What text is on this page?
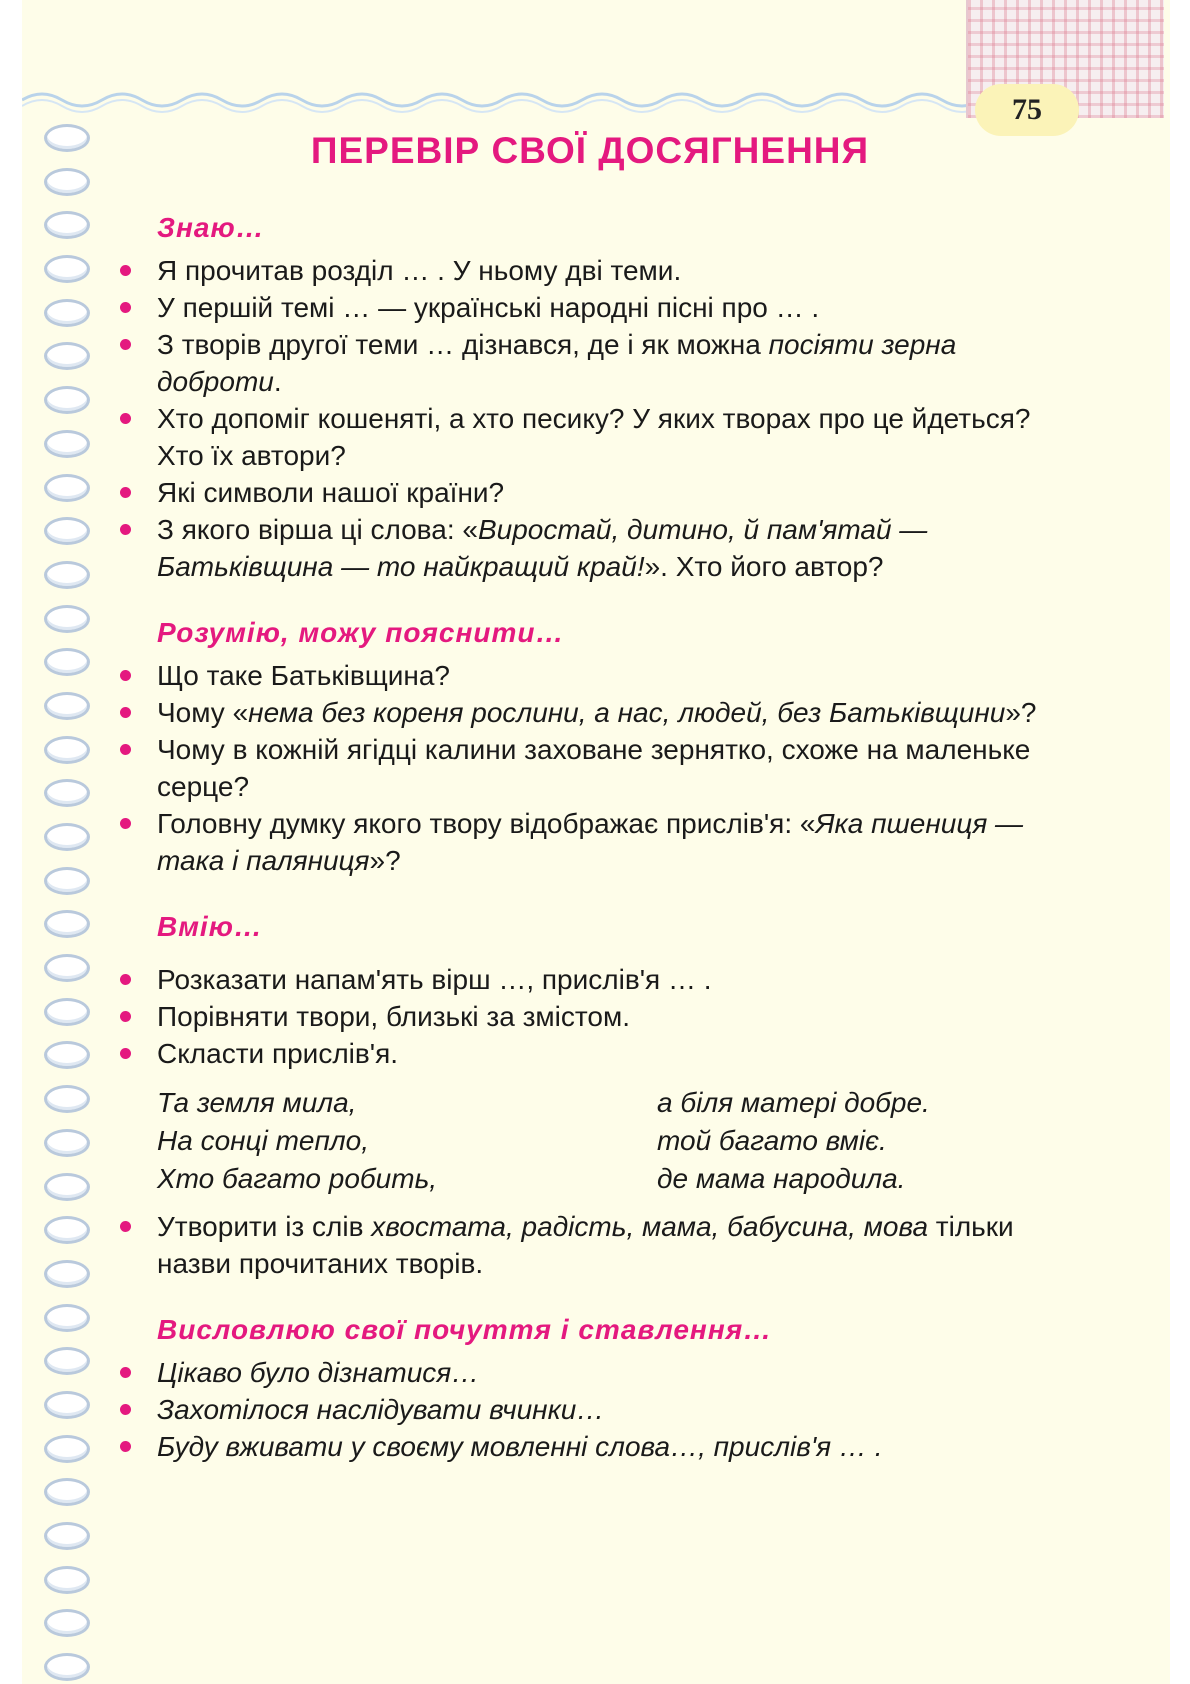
75
ПЕРЕВІР СВОЇ ДОСЯГНЕННЯ
Знаю…
Я прочитав розділ … . У ньому дві теми.
У першій темі … — українські народні пісні про … .
З творів другої теми … дізнався, де і як можна посіяти зерна доброти.
Хто допоміг кошеняті, а хто песику? У яких творах про це йдеться? Хто їх автори?
Які символи нашої країни?
З якого вірша ці слова: «Виростай, дитино, й пам'ятай — Батьківщина — то найкращий край!». Хто його автор?
Розумію, можу пояснити…
Що таке Батьківщина?
Чому «нема без кореня рослини, а нас, людей, без Батьківщини»?
Чому в кожній ягідці калини заховане зернятко, схоже на маленьке серце?
Головну думку якого твору відображає прислів'я: «Яка пшениця — така і паляниця»?
Вмію…
Розказати напам'ять вірш …, прислів'я … .
Порівняти твори, близькі за змістом.
Скласти прислів'я.
Та земля мила,	а біля матері добре.
На сонці тепло,	той багато вміє.
Хто багато робить,	де мама народила.
Утворити із слів хвостата, радість, мама, бабусина, мова тільки назви прочитаних творів.
Висловлюю свої почуття і ставлення…
Цікаво було дізнатися…
Захотілося наслідувати вчинки…
Буду вживати у своєму мовленні слова…, прислів'я … .
